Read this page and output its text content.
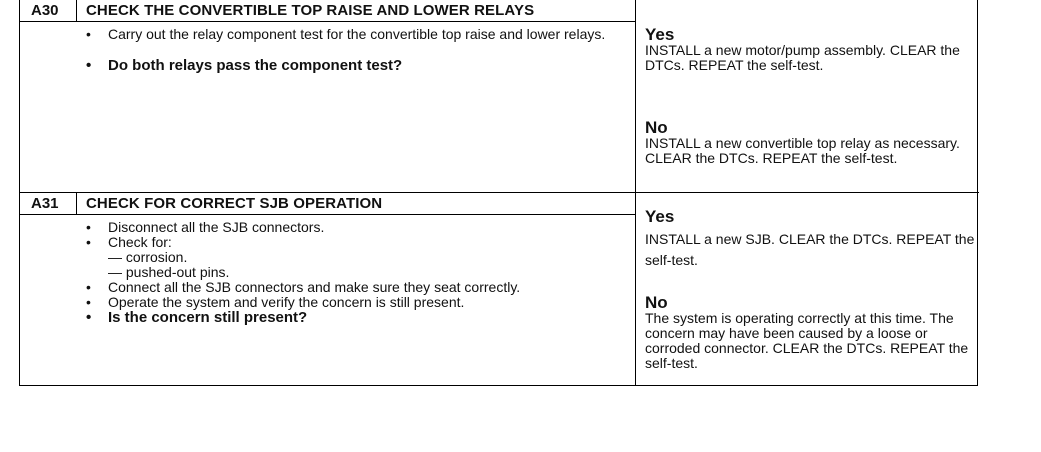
A30	CHECK THE CONVERTIBLE TOP RAISE AND LOWER RELAYS

• Carry out the relay component test for the convertible top raise and lower relays.

• Do both relays pass the component test?

Yes
INSTALL a new motor/pump assembly. CLEAR the DTCs. REPEAT the self-test.
No
INSTALL a new convertible top relay as necessary. CLEAR the DTCs. REPEAT the self-test.
A31	CHECK FOR CORRECT SJB OPERATION

• Disconnect all the SJB connectors.

• Check for:

— corrosion.

— pushed-out pins.

• Connect all the SJB connectors and make sure they seat correctly.

• Operate the system and verify the concern is still present.

• Is the concern still present?

Yes
INSTALL a new SJB. CLEAR the DTCs. REPEAT the self-test.
No
The system is operating correctly at this time. The concern may have been caused by a loose or corroded connector. CLEAR the DTCs. REPEAT the self-test.
